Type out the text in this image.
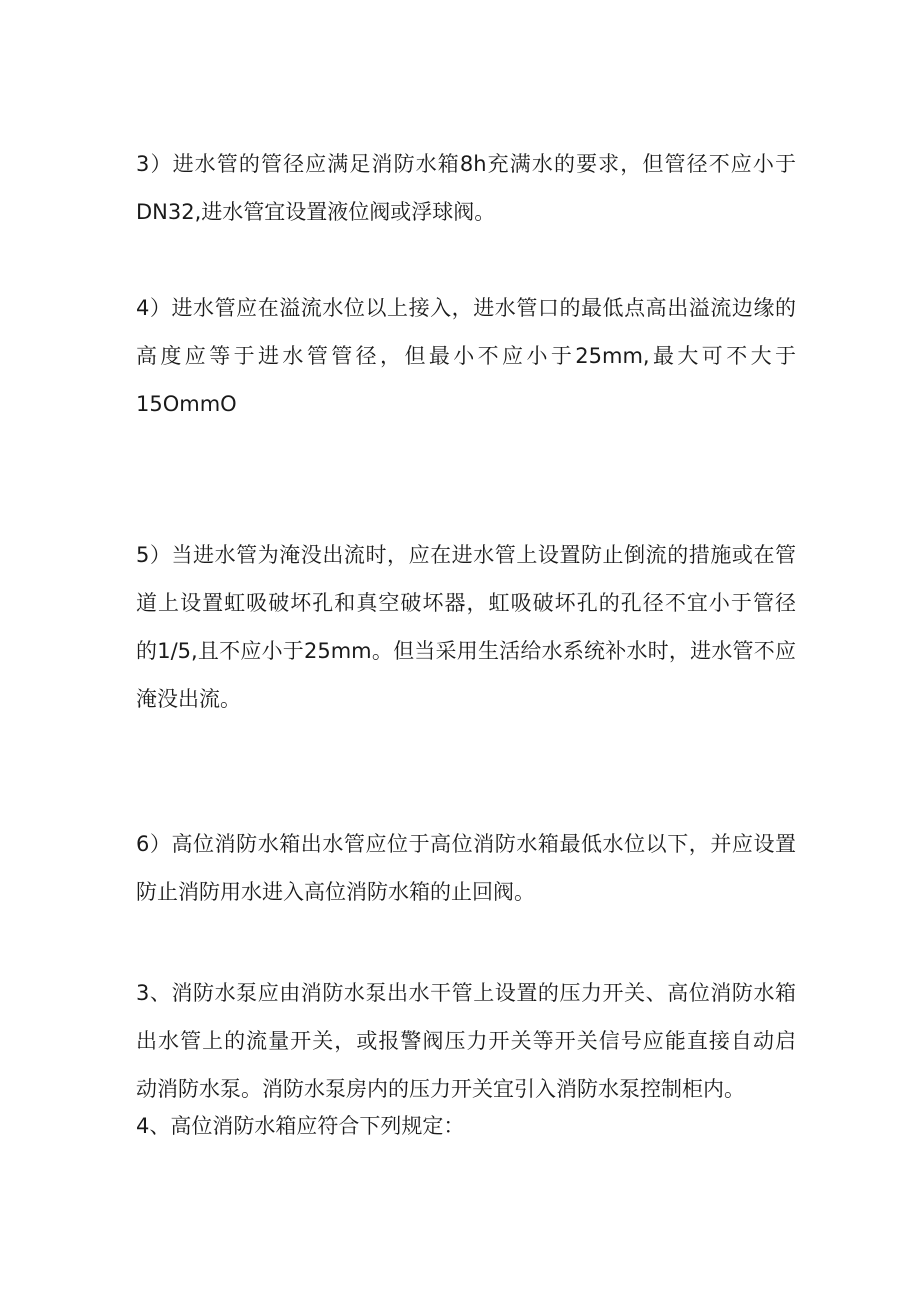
3）进水管的管径应满足消防水箱8h充满水的要求，但管径不应小于
DN32,进水管宜设置液位阀或浮球阀。
4）进水管应在溢流水位以上接入，进水管口的最低点高出溢流边缘的
高度应等于进水管管径，但最小不应小于25mm,最大可不大于
15OmmO
5）当进水管为淹没出流时，应在进水管上设置防止倒流的措施或在管
道上设置虹吸破坏孔和真空破坏器，虹吸破坏孔的孔径不宜小于管径
的1/5,且不应小于25mm。但当采用生活给水系统补水时，进水管不应
淹没出流。
6）高位消防水箱出水管应位于高位消防水箱最低水位以下，并应设置
防止消防用水进入高位消防水箱的止回阀。
3、消防水泵应由消防水泵出水干管上设置的压力开关、高位消防水箱
出水管上的流量开关，或报警阀压力开关等开关信号应能直接自动启
动消防水泵。消防水泵房内的压力开关宜引入消防水泵控制柜内。
4、高位消防水箱应符合下列规定：
